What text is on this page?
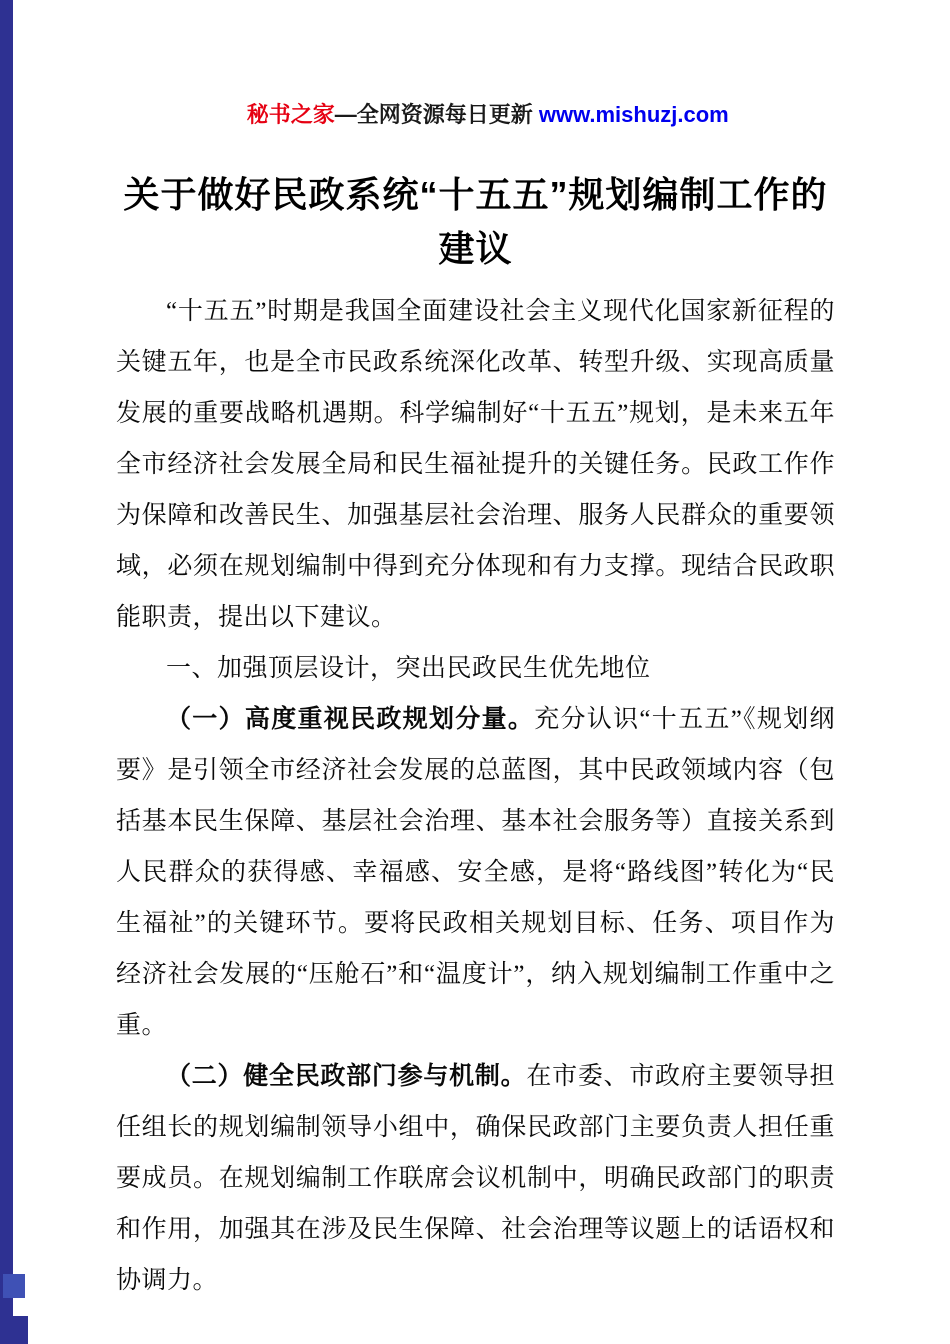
秘书之家—全网资源每日更新 www.mishuzj.com

关于做好民政系统“十五五”规划编制工作的建议

“十五五”时期是我国全面建设社会主义现代化国家新征程的关键五年，也是全市民政系统深化改革、转型升级、实现高质量发展的重要战略机遇期。科学编制好“十五五”规划，是未来五年全市经济社会发展全局和民生福祉提升的关键任务。民政工作作为保障和改善民生、加强基层社会治理、服务人民群众的重要领域，必须在规划编制中得到充分体现和有力支撑。现结合民政职能职责，提出以下建议。

一、加强顶层设计，突出民政民生优先地位

（一）高度重视民政规划分量。充分认识“十五五”《规划纲要》是引领全市经济社会发展的总蓝图，其中民政领域内容（包括基本民生保障、基层社会治理、基本社会服务等）直接关系到人民群众的获得感、幸福感、安全感，是将“路线图”转化为“民生福祉”的关键环节。要将民政相关规划目标、任务、项目作为经济社会发展的“压舱石”和“温度计”，纳入规划编制工作重中之重。

（二）健全民政部门参与机制。在市委、市政府主要领导担任组长的规划编制领导小组中，确保民政部门主要负责人担任重要成员。在规划编制工作联席会议机制中，明确民政部门的职责和作用，加强其在涉及民生保障、社会治理等议题上的话语权和协调力。
